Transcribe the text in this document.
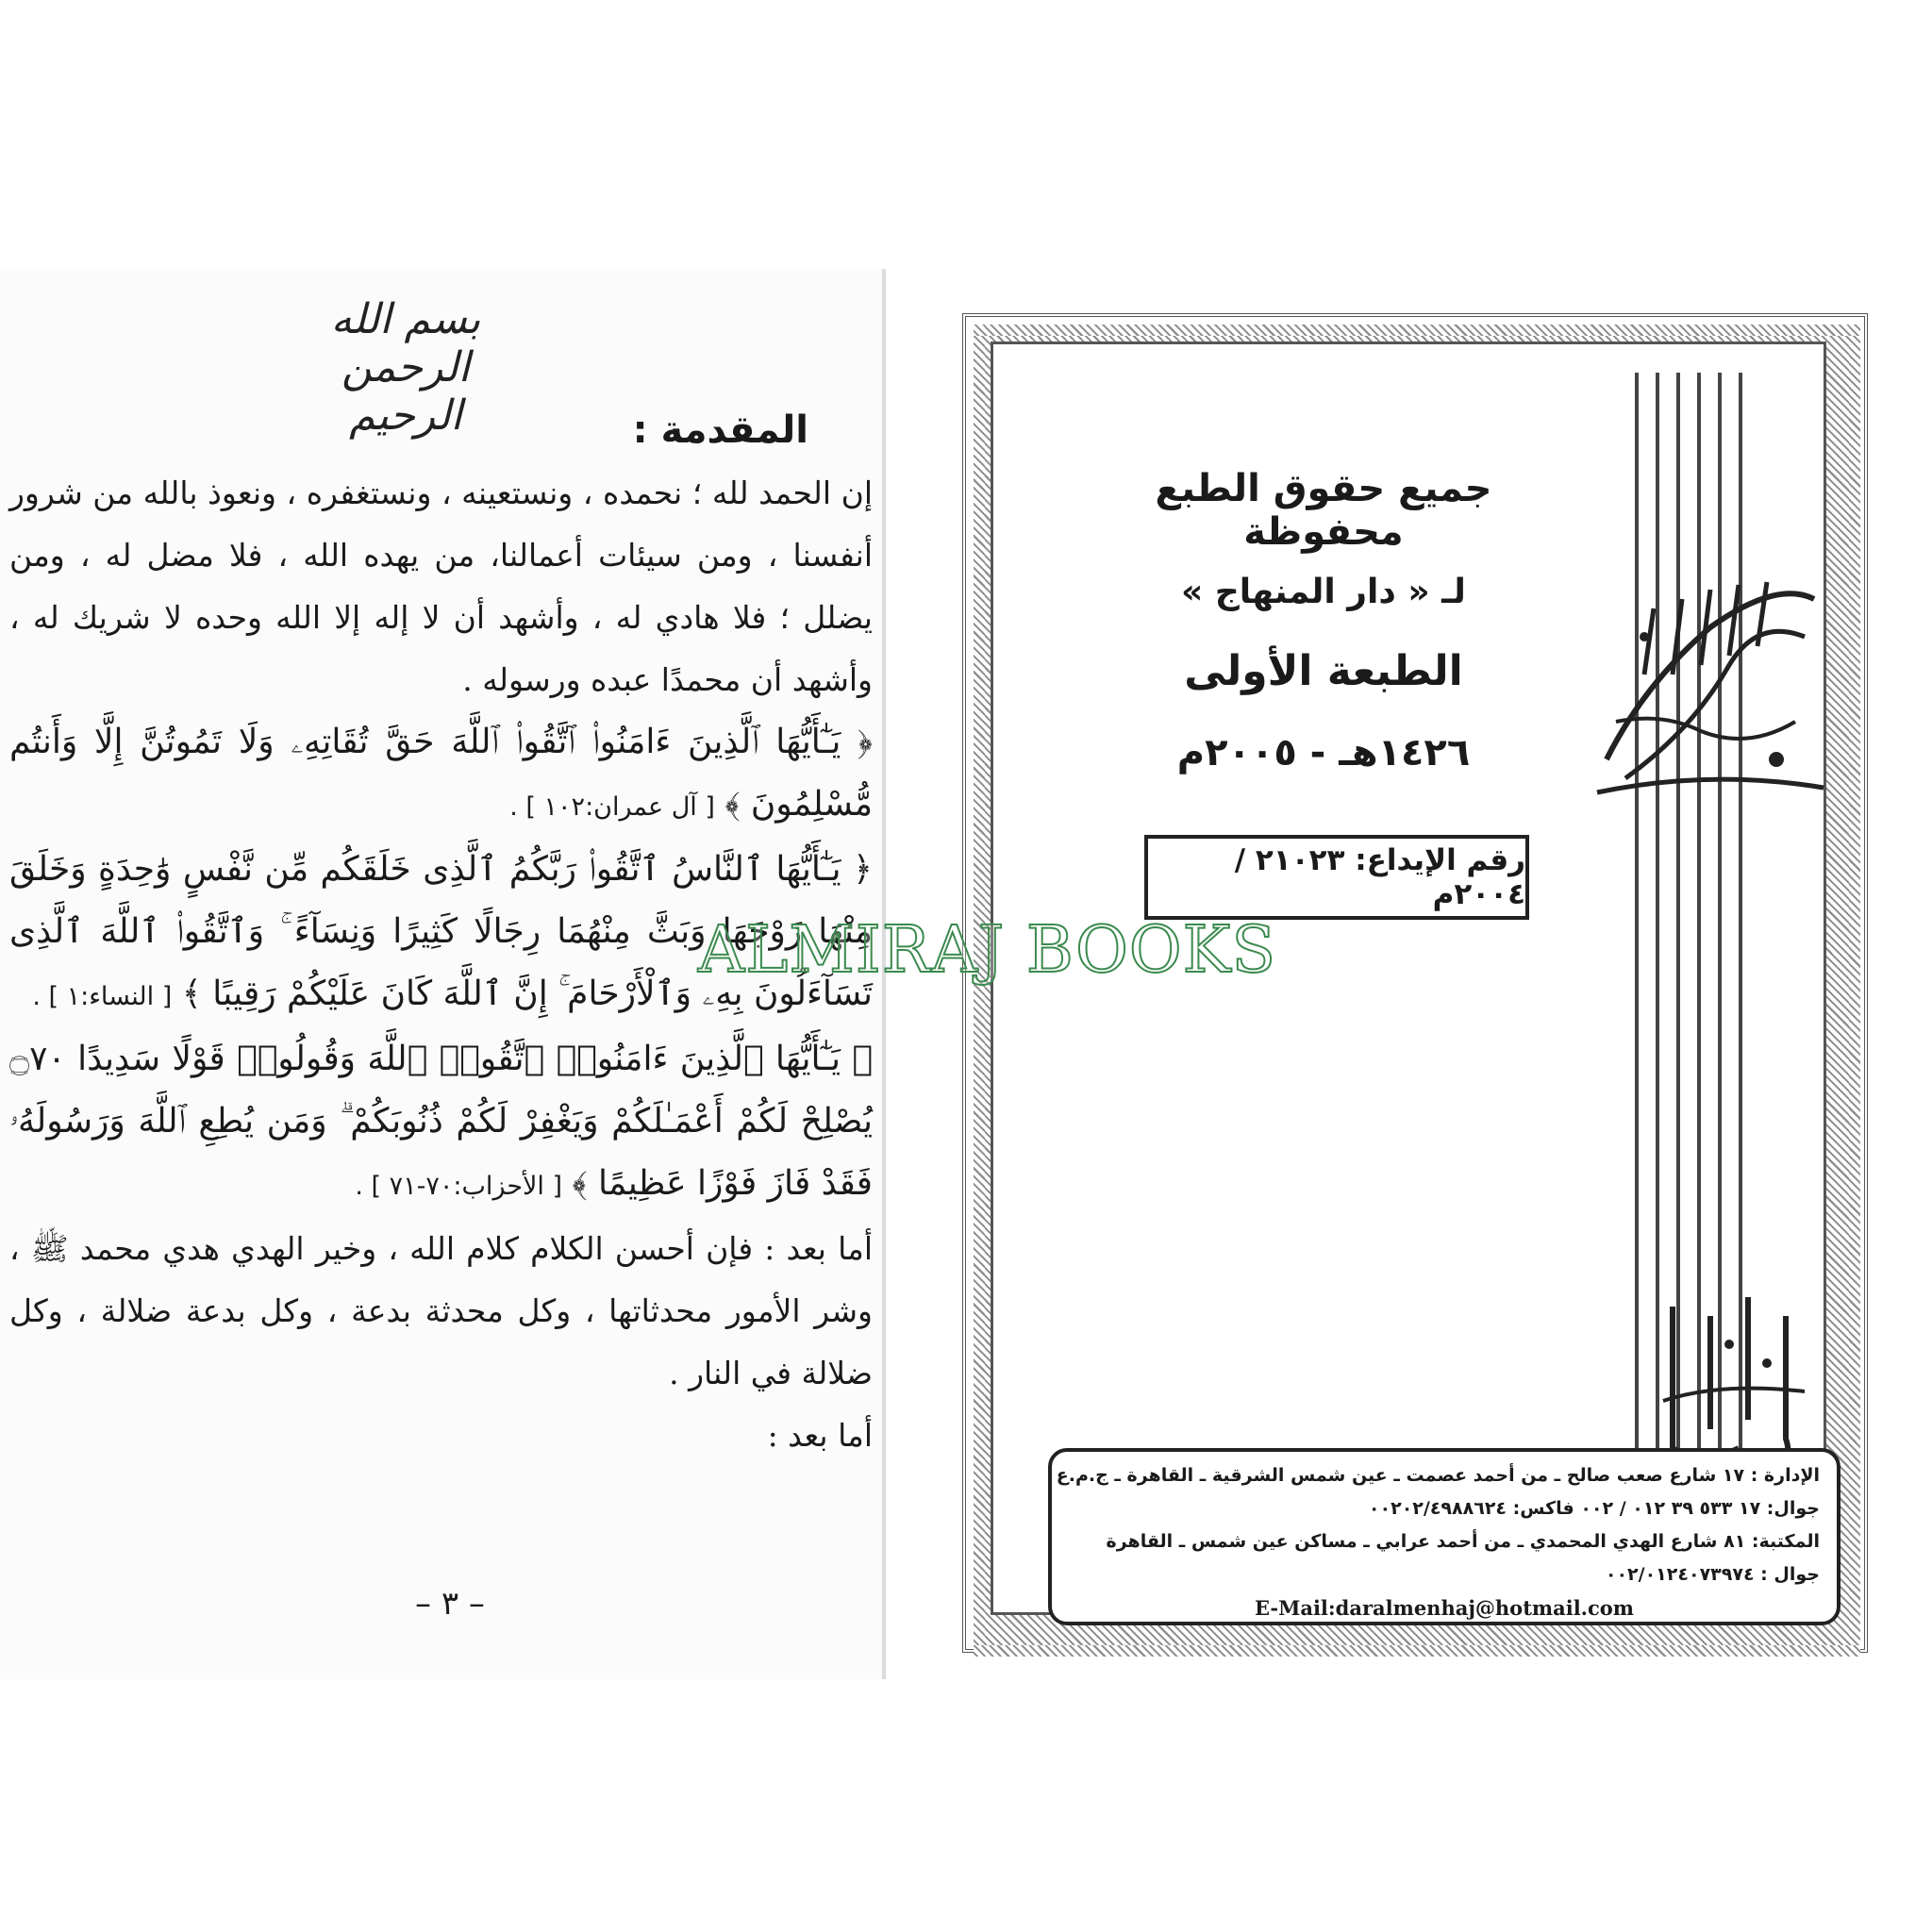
بسم الله الرحمن الرحيم	المقدمة :

إن الحمد لله ؛ نحمده ، ونستعينه ، ونستغفره ، ونعوذ بالله من شرور أنفسنا ، ومن سيئات أعمالنا، من يهده الله ، فلا مضل له ، ومن يضلل ؛ فلا هادي له ، وأشهد أن لا إله إلا الله وحده لا شريك له ، وأشهد أن محمدًا عبده ورسوله .

﴿ يَـٰٓأَيُّهَا ٱلَّذِينَ ءَامَنُوا۟ ٱتَّقُوا۟ ٱللَّهَ حَقَّ تُقَاتِهِۦ وَلَا تَمُوتُنَّ إِلَّا وَأَنتُم مُّسْلِمُونَ ﴾ [ آل عمران:١٠٢ ] .

﴿ يَـٰٓأَيُّهَا ٱلنَّاسُ ٱتَّقُوا۟ رَبَّكُمُ ٱلَّذِى خَلَقَكُم مِّن نَّفْسٍ وَٰحِدَةٍ وَخَلَقَ مِنْهَا زَوْجَهَا وَبَثَّ مِنْهُمَا رِجَالًا كَثِيرًا وَنِسَآءً ۚ وَٱتَّقُوا۟ ٱللَّهَ ٱلَّذِى تَسَآءَلُونَ بِهِۦ وَٱلْأَرْحَامَ ۚ إِنَّ ٱللَّهَ كَانَ عَلَيْكُمْ رَقِيبًا ﴾ [ النساء:١ ] .

﴿ يَـٰٓأَيُّهَا ٱلَّذِينَ ءَامَنُوا۟ ٱتَّقُوا۟ ٱللَّهَ وَقُولُوا۟ قَوْلًا سَدِيدًا ۝٧٠ يُصْلِحْ لَكُمْ أَعْمَـٰلَكُمْ وَيَغْفِرْ لَكُمْ ذُنُوبَكُمْ ۗ وَمَن يُطِعِ ٱللَّهَ وَرَسُولَهُۥ فَقَدْ فَازَ فَوْزًا عَظِيمًا ﴾ [ الأحزاب:٧٠-٧١ ] .

أما بعد : فإن أحسن الكلام كلام الله ، وخير الهدي هدي محمد ﷺ ، وشر الأمور محدثاتها ، وكل محدثة بدعة ، وكل بدعة ضلالة ، وكل ضلالة في النار .

أما بعد :

– ٣ –

جميع حقوق الطبع محفوظة

لـ « دار المنهاج »

الطبعة الأولى

١٤٢٦هـ - ٢٠٠٥م

رقم الإيداع: ٢١٠٢٣ /٢٠٠٤م

الإدارة : ١٧ شارع صعب صالح ـ من أحمد عصمت ـ عين شمس الشرقية ـ القاهرة ـ ج.م.ع

جوال: ١٧ ٥٣٣ ٣٩ ٠١٢ / ٠٠٢ فاكس: ٠٠٢٠٢/٤٩٨٨٦٢٤

المكتبة: ٨١ شارع الهدي المحمدي ـ من أحمد عرابي ـ مساكن عين شمس ـ القاهرة

جوال : ٠٠٢/٠١٢٤٠٧٣٩٧٤

E-Mail:daralmenhaj@hotmail.com

ALMIRAJ BOOKS
